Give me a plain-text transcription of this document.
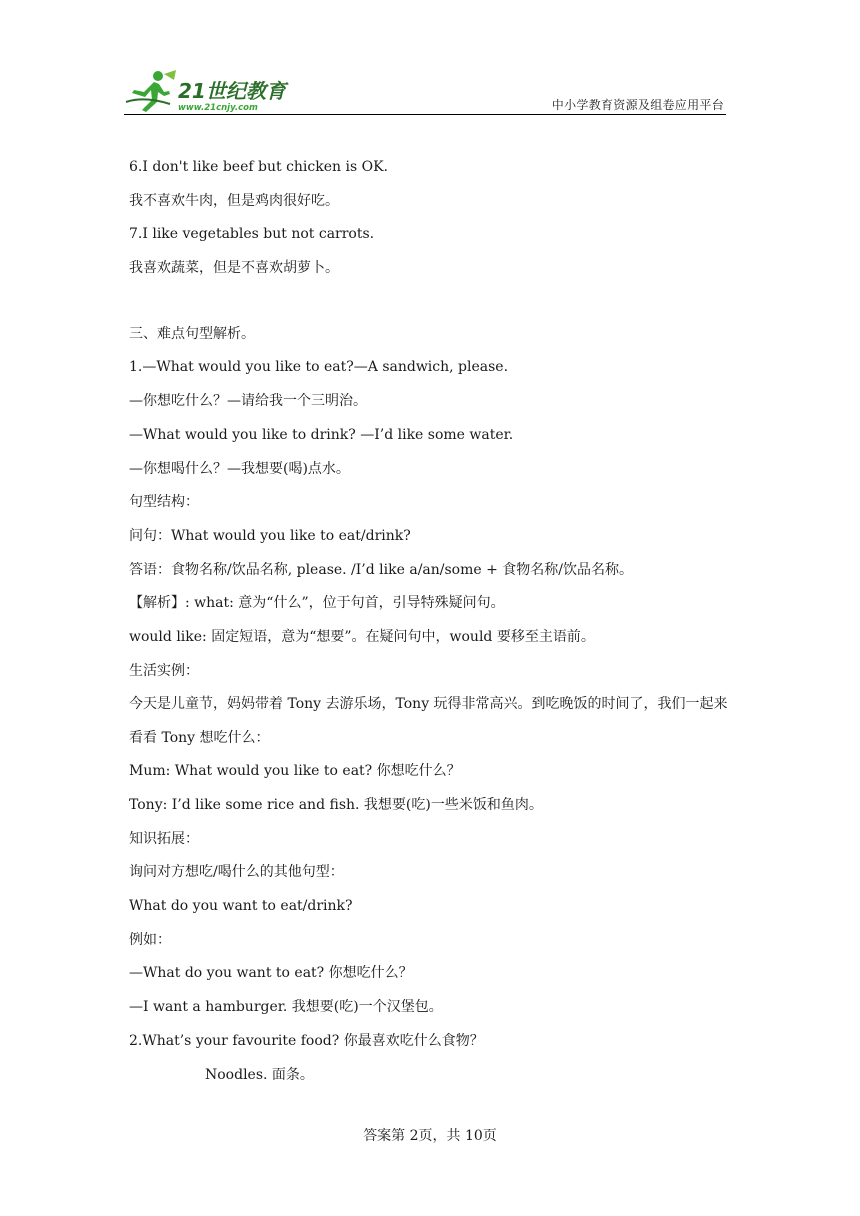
21世纪教育
www.21cnjy.com	中小学教育资源及组卷应用平台
6.I don't like beef but chicken is OK.
我不喜欢牛肉，但是鸡肉很好吃。
7.I like vegetables but not carrots.
我喜欢蔬菜，但是不喜欢胡萝卜。
三、难点句型解析。
1.—What would you like to eat?—A sandwich, please.
—你想吃什么？—请给我一个三明治。
—What would you like to drink? —I’d like some water.
—你想喝什么？—我想要(喝)点水。
句型结构：
问句：What would you like to eat/drink?
答语：食物名称/饮品名称, please. /I’d like a/an/some + 食物名称/饮品名称。
【解析】: what: 意为“什么”，位于句首，引导特殊疑问句。
would like: 固定短语，意为“想要”。在疑问句中，would 要移至主语前。
生活实例：
今天是儿童节，妈妈带着 Tony 去游乐场，Tony 玩得非常高兴。到吃晚饭的时间了，我们一起来看看 Tony 想吃什么：
Mum: What would you like to eat? 你想吃什么？
Tony: I’d like some rice and fish. 我想要(吃)一些米饭和鱼肉。
知识拓展：
询问对方想吃/喝什么的其他句型：
What do you want to eat/drink?
例如：
—What do you want to eat? 你想吃什么？
—I want a hamburger. 我想要(吃)一个汉堡包。
2.What’s your favourite food? 你最喜欢吃什么食物？
Noodles. 面条。
答案第 2页，共 10页
